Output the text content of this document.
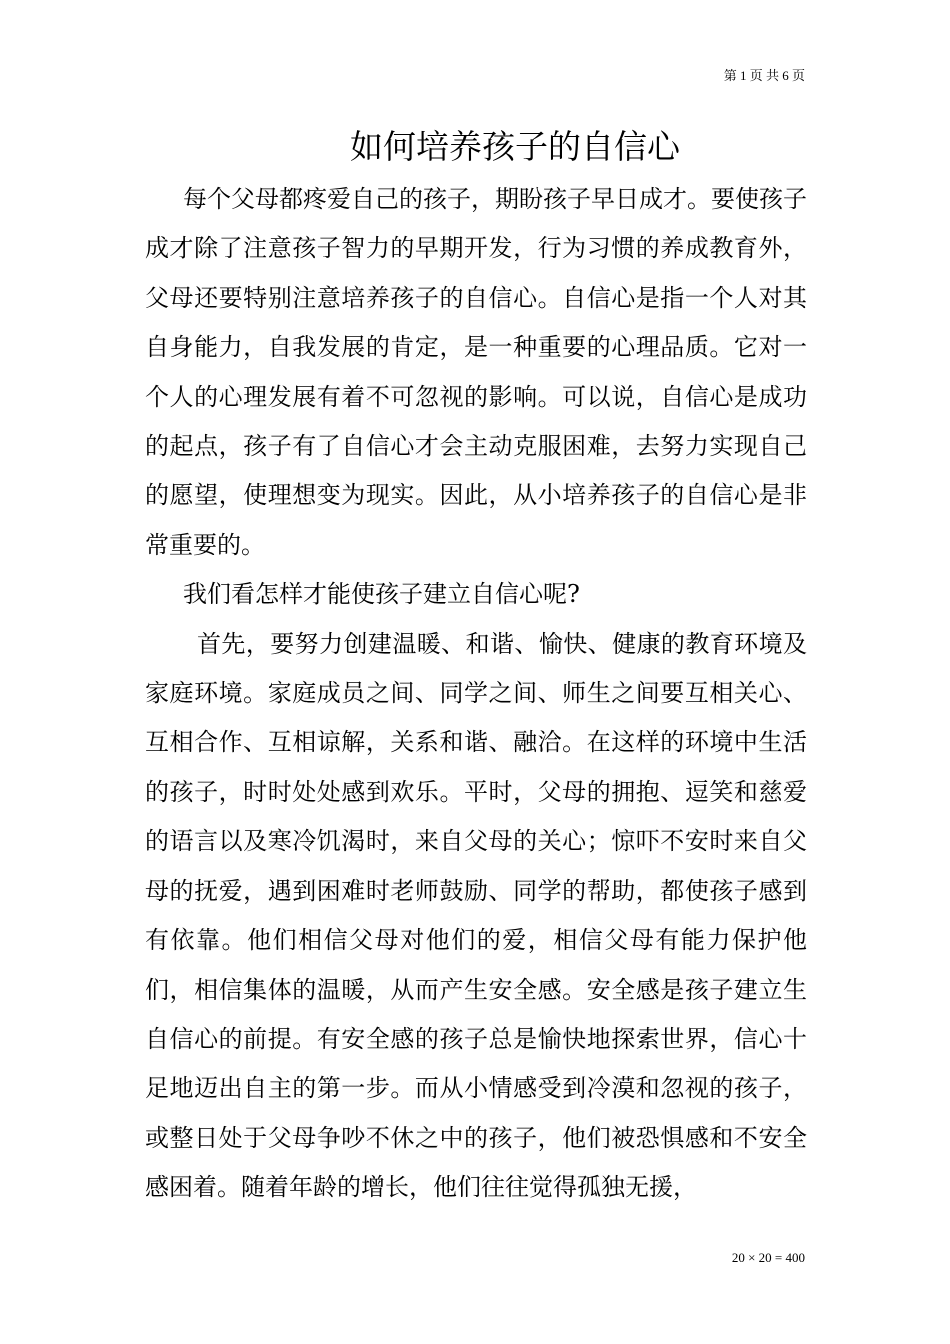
第 1 页 共 6 页
如何培养孩子的自信心

每个父母都疼爱自己的孩子，期盼孩子早日成才。要使孩子成才除了注意孩子智力的早期开发，行为习惯的养成教育外，父母还要特别注意培养孩子的自信心。自信心是指一个人对其自身能力，自我发展的肯定，是一种重要的心理品质。它对一个人的心理发展有着不可忽视的影响。可以说，自信心是成功的起点，孩子有了自信心才会主动克服困难，去努力实现自己的愿望，使理想变为现实。因此，从小培养孩子的自信心是非常重要的。

我们看怎样才能使孩子建立自信心呢?

首先，要努力创建温暖、和谐、愉快、健康的教育环境及家庭环境。家庭成员之间、同学之间、师生之间要互相关心、互相合作、互相谅解，关系和谐、融洽。在这样的环境中生活的孩子，时时处处感到欢乐。平时，父母的拥抱、逗笑和慈爱的语言以及寒冷饥渴时，来自父母的关心；惊吓不安时来自父母的抚爱，遇到困难时老师鼓励、同学的帮助，都使孩子感到有依靠。他们相信父母对他们的爱，相信父母有能力保护他们，相信集体的温暖，从而产生安全感。安全感是孩子建立生自信心的前提。有安全感的孩子总是愉快地探索世界，信心十足地迈出自主的第一步。而从小情感受到冷漠和忽视的孩子，或整日处于父母争吵不休之中的孩子，他们被恐惧感和不安全感困着。随着年龄的增长，他们往往觉得孤独无援，

20 × 20 = 400
